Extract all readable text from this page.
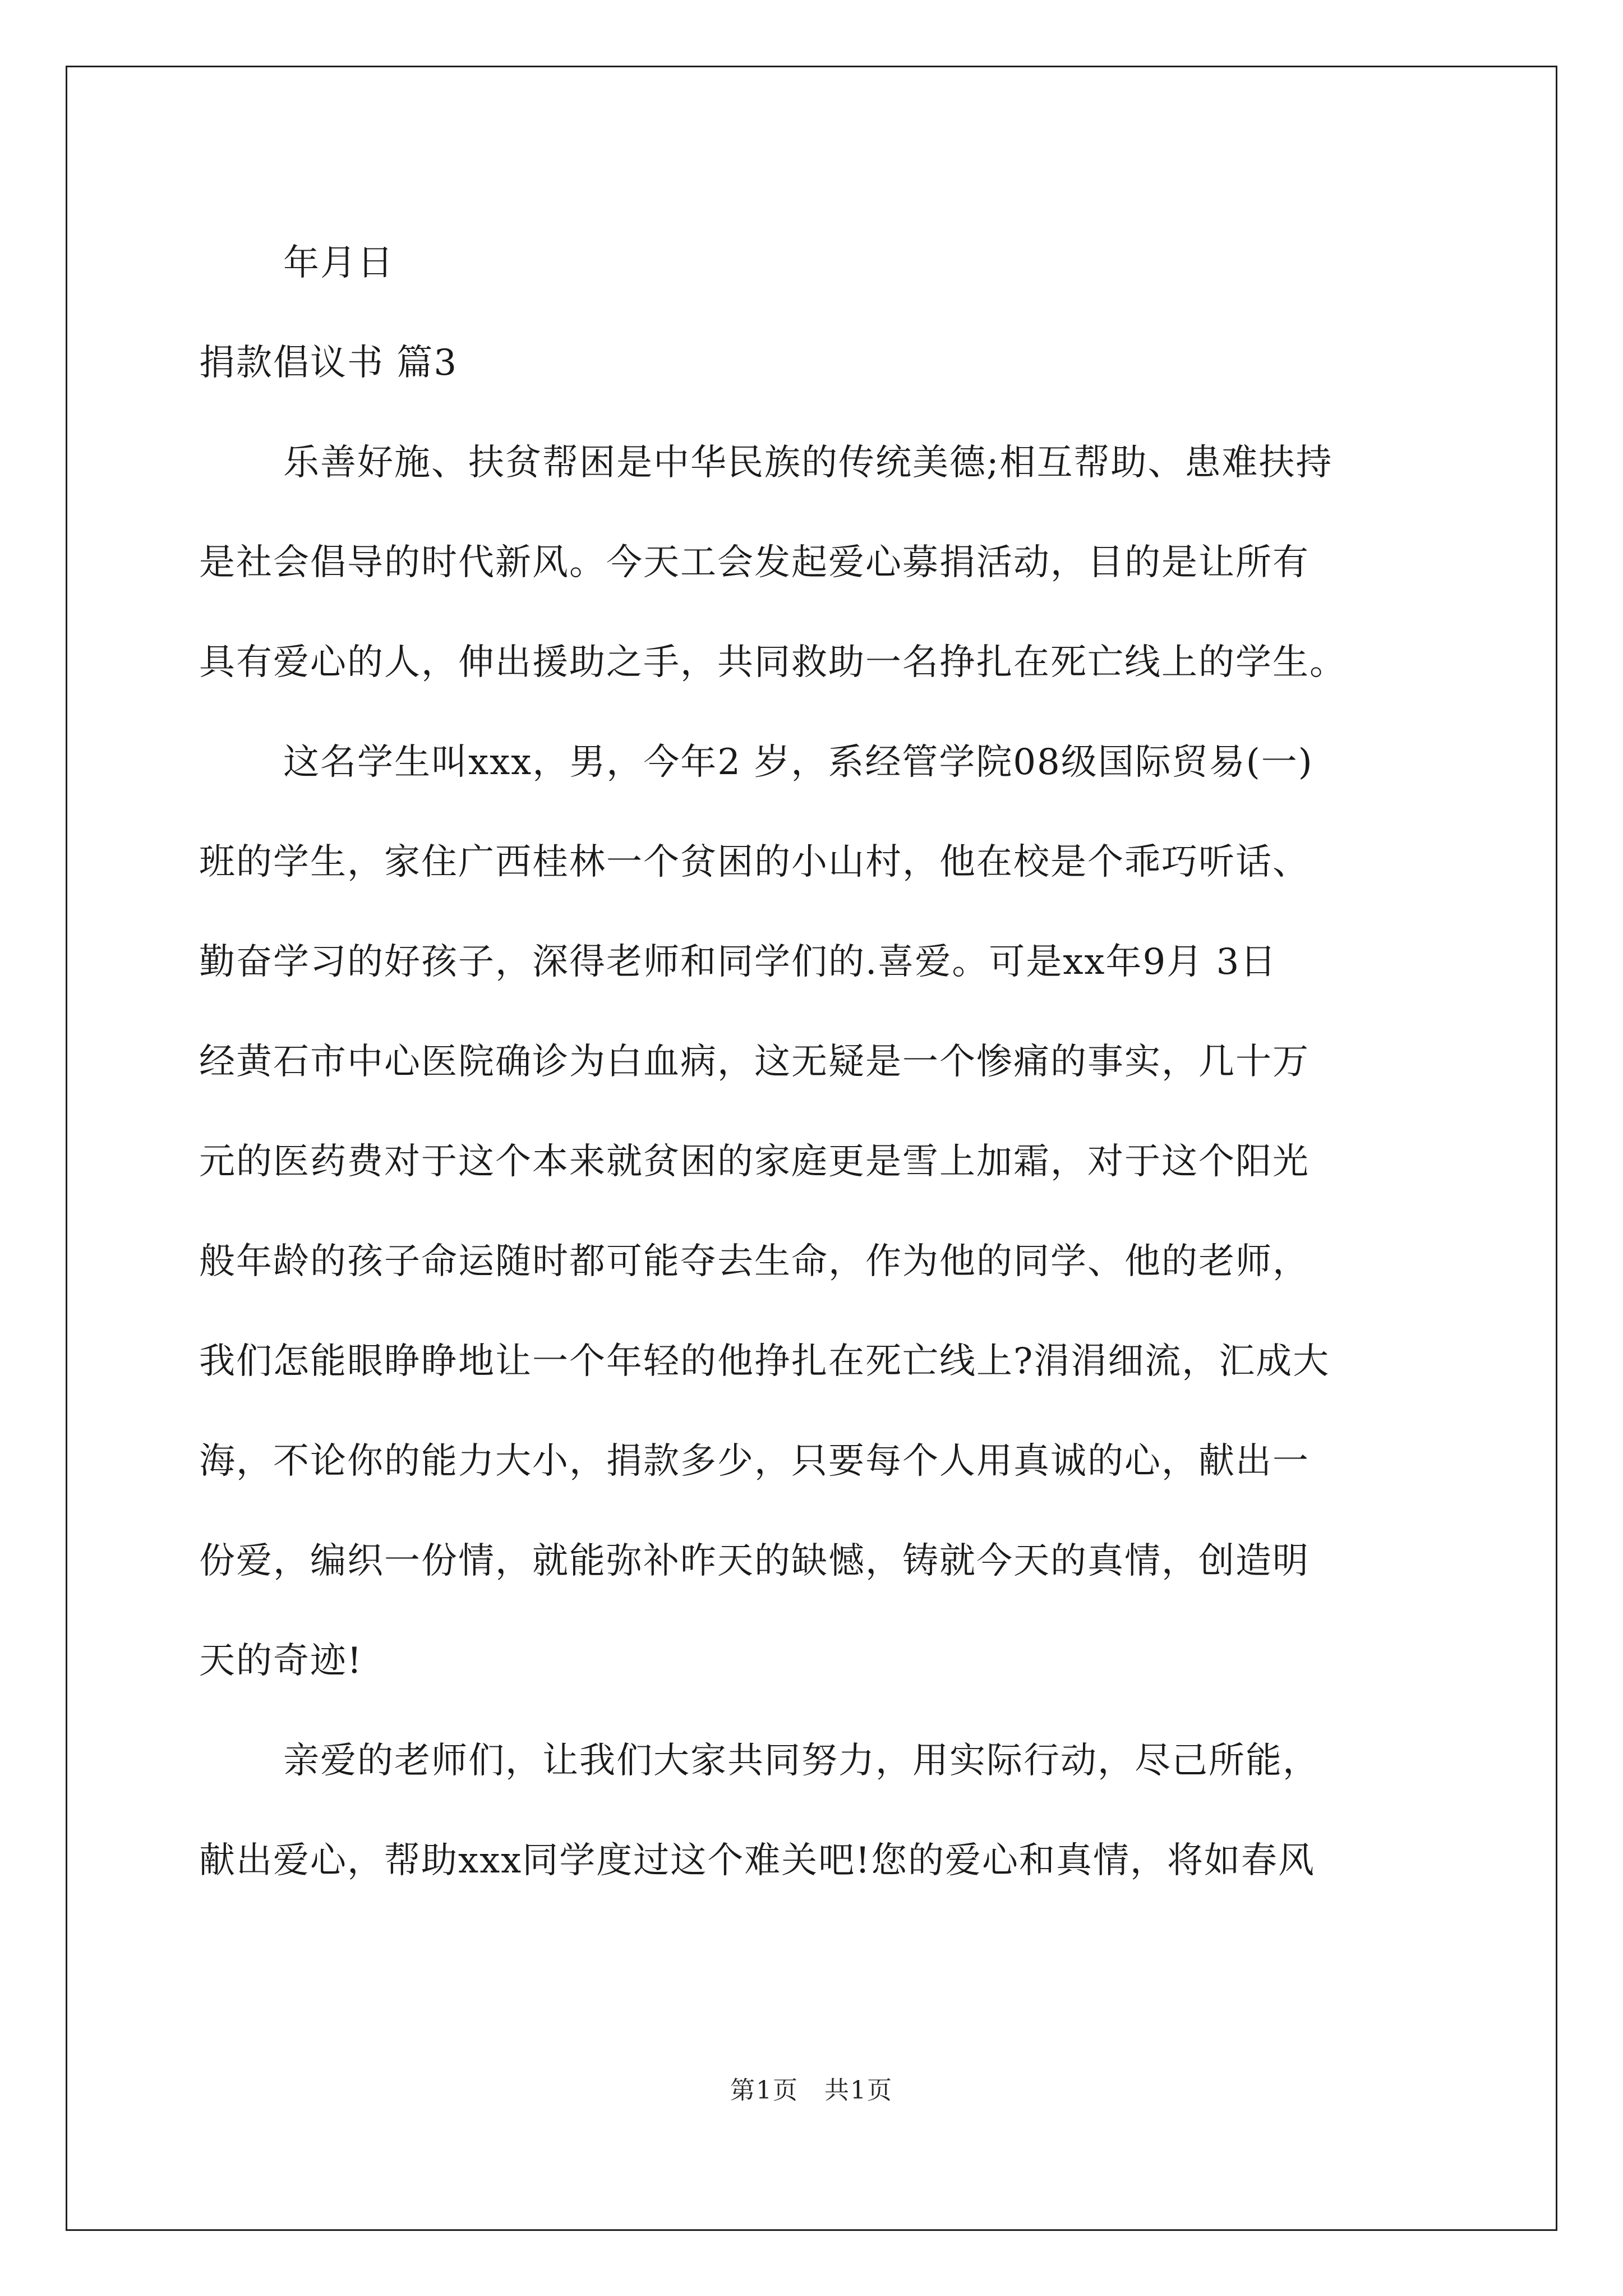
年月日
捐款倡议书 篇3
乐善好施、扶贫帮困是中华民族的传统美德;相互帮助、患难扶持
是社会倡导的时代新风。今天工会发起爱心募捐活动，目的是让所有
具有爱心的人，伸出援助之手，共同救助一名挣扎在死亡线上的学生。
这名学生叫xxx，男，今年2 岁，系经管学院08级国际贸易(一)
班的学生，家住广西桂林一个贫困的小山村，他在校是个乖巧听话、
勤奋学习的好孩子，深得老师和同学们的.喜爱。可是xx年9月 3日
经黄石市中心医院确诊为白血病，这无疑是一个惨痛的事实，几十万
元的医药费对于这个本来就贫困的家庭更是雪上加霜，对于这个阳光
般年龄的孩子命运随时都可能夺去生命，作为他的同学、他的老师，
我们怎能眼睁睁地让一个年轻的他挣扎在死亡线上?涓涓细流，汇成大
海，不论你的能力大小，捐款多少，只要每个人用真诚的心，献出一
份爱，编织一份情，就能弥补昨天的缺憾，铸就今天的真情，创造明
天的奇迹!
亲爱的老师们，让我们大家共同努力，用实际行动，尽己所能，
献出爱心，帮助xxx同学度过这个难关吧!您的爱心和真情，将如春风
第1页　共1页
